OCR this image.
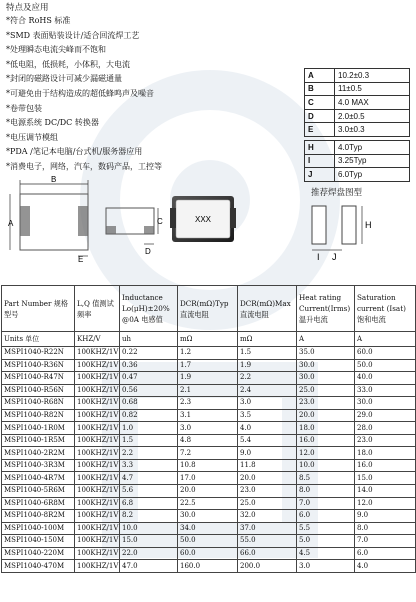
特点及应用
*符合 RoHS 标准
*SMD 表面贴装设计/适合回流焊工艺
*处理瞬态电流尖峰而不饱和
*低电阻，低损耗，小体积，大电流
*封闭的磁路设计可减少漏磁通量
*可避免由于结构造成的超低蜂鸣声及噪音
*卷带包装
*电源系统 DC/DC 转换器
*电压调节模组
*PDA /笔记本电脑/台式机/服务器应用
*消费电子，网络，汽车，数码产品，工控等
A	10.2±0.3
B	11±0.5
C	4.0 MAX
D	2.0±0.5
E	3.0±0.3
H	4.0Typ
I	3.25Typ
J	6.0Typ
B
A
E
C
D
XXX
推荐焊盘图型
H
I J
Part Number 规格型号	L,Q 值测试频率	Inductance Lo(μH)±20% @0A 电感值	DCR(mΩ)Typ 直流电阻	DCR(mΩ)Max 直流电阻	Heat rating Current(Irms) 温升电流	Saturation current (Isat)饱和电流
Units 单位	KHZ/V	uh	mΩ	mΩ	A	A
MSPI1040-R22N	100KHZ/1V	0.22	1.2	1.5	35.0	60.0
MSPI1040-R36N	100KHZ/1V	0.36	1.7	1.9	30.0	50.0
MSPI1040-R47N	100KHZ/1V	0.47	1.9	2.2	30.0	40.0
MSPI1040-R56N	100KHZ/1V	0.56	2.1	2.4	25.0	33.0
MSPI1040-R68N	100KHZ/1V	0.68	2.3	3.0	23.0	30.0
MSPI1040-R82N	100KHZ/1V	0.82	3.1	3.5	20.0	29.0
MSPI1040-1R0M	100KHZ/1V	1.0	3.0	4.0	18.0	28.0
MSPI1040-1R5M	100KHZ/1V	1.5	4.8	5.4	16.0	23.0
MSPI1040-2R2M	100KHZ/1V	2.2	7.2	9.0	12.0	18.0
MSPI1040-3R3M	100KHZ/1V	3.3	10.8	11.8	10.0	16.0
MSPI1040-4R7M	100KHZ/1V	4.7	17.0	20.0	8.5	15.0
MSPI1040-5R6M	100KHZ/1V	5.6	20.0	23.0	8.0	14.0
MSPI1040-6R8M	100KHZ/1V	6.8	22.5	25.0	7.0	12.0
MSPI1040-8R2M	100KHZ/1V	8.2	30.0	32.0	6.0	9.0
MSPI1040-100M	100KHZ/1V	10.0	34.0	37.0	5.5	8.0
MSPI1040-150M	100KHZ/1V	15.0	50.0	55.0	5.0	7.0
MSPI1040-220M	100KHZ/1V	22.0	60.0	66.0	4.5	6.0
MSPI1040-470M	100KHZ/1V	47.0	160.0	200.0	3.0	4.0
